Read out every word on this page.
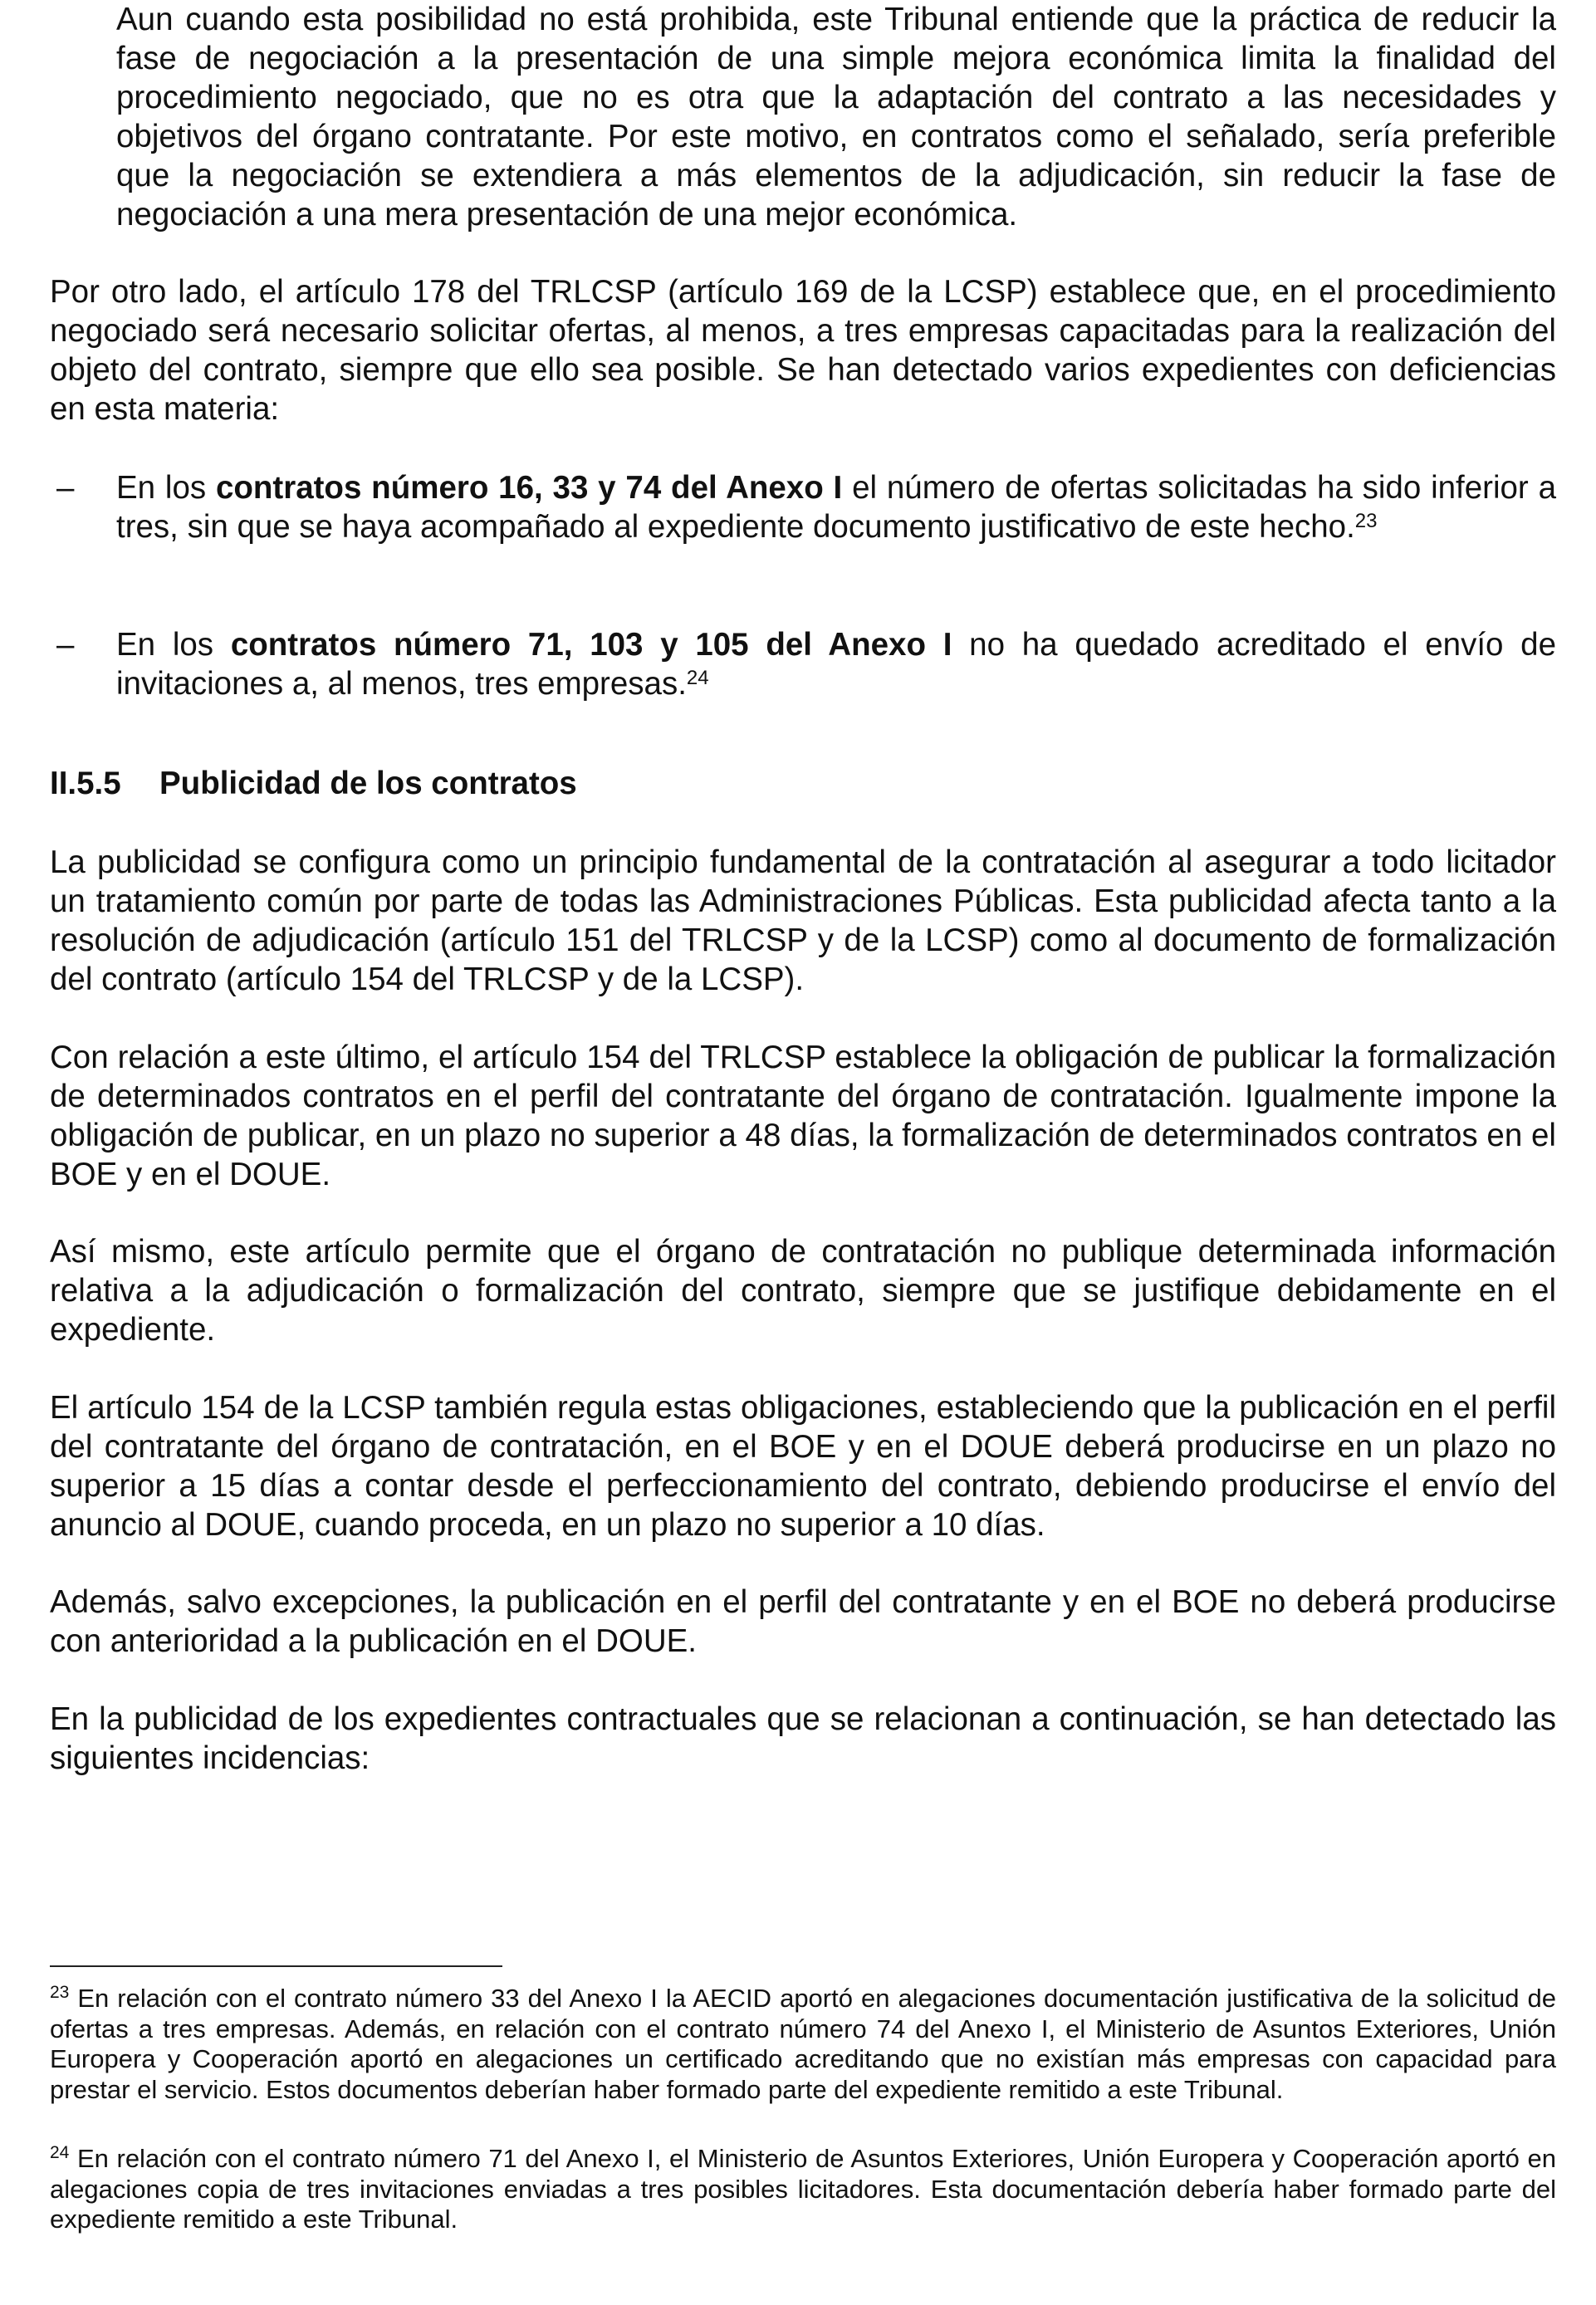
Aun cuando esta posibilidad no está prohibida, este Tribunal entiende que la práctica de reducir la fase de negociación a la presentación de una simple mejora económica limita la finalidad del procedimiento negociado, que no es otra que la adaptación del contrato a las necesidades y objetivos del órgano contratante. Por este motivo, en contratos como el señalado, sería preferible que la negociación se extendiera a más elementos de la adjudicación, sin reducir la fase de negociación a una mera presentación de una mejor económica.

Por otro lado, el artículo 178 del TRLCSP (artículo 169 de la LCSP) establece que, en el procedimiento negociado será necesario solicitar ofertas, al menos, a tres empresas capacitadas para la realización del objeto del contrato, siempre que ello sea posible. Se han detectado varios expedientes con deficiencias en esta materia:

– En los contratos número 16, 33 y 74 del Anexo I el número de ofertas solicitadas ha sido inferior a tres, sin que se haya acompañado al expediente documento justificativo de este hecho.$^{23}$

– En los contratos número 71, 103 y 105 del Anexo I no ha quedado acreditado el envío de invitaciones a, al menos, tres empresas.$^{24}$

II.5.5 Publicidad de los contratos

La publicidad se configura como un principio fundamental de la contratación al asegurar a todo licitador un tratamiento común por parte de todas las Administraciones Públicas. Esta publicidad afecta tanto a la resolución de adjudicación (artículo 151 del TRLCSP y de la LCSP) como al documento de formalización del contrato (artículo 154 del TRLCSP y de la LCSP).

Con relación a este último, el artículo 154 del TRLCSP establece la obligación de publicar la formalización de determinados contratos en el perfil del contratante del órgano de contratación. Igualmente impone la obligación de publicar, en un plazo no superior a 48 días, la formalización de determinados contratos en el BOE y en el DOUE.

Así mismo, este artículo permite que el órgano de contratación no publique determinada información relativa a la adjudicación o formalización del contrato, siempre que se justifique debidamente en el expediente.

El artículo 154 de la LCSP también regula estas obligaciones, estableciendo que la publicación en el perfil del contratante del órgano de contratación, en el BOE y en el DOUE deberá producirse en un plazo no superior a 15 días a contar desde el perfeccionamiento del contrato, debiendo producirse el envío del anuncio al DOUE, cuando proceda, en un plazo no superior a 10 días.

Además, salvo excepciones, la publicación en el perfil del contratante y en el BOE no deberá producirse con anterioridad a la publicación en el DOUE.

En la publicidad de los expedientes contractuales que se relacionan a continuación, se han detectado las siguientes incidencias:

$^{23}$ En relación con el contrato número 33 del Anexo I la AECID aportó en alegaciones documentación justificativa de la solicitud de ofertas a tres empresas. Además, en relación con el contrato número 74 del Anexo I, el Ministerio de Asuntos Exteriores, Unión Europera y Cooperación aportó en alegaciones un certificado acreditando que no existían más empresas con capacidad para prestar el servicio. Estos documentos deberían haber formado parte del expediente remitido a este Tribunal.

$^{24}$ En relación con el contrato número 71 del Anexo I, el Ministerio de Asuntos Exteriores, Unión Europera y Cooperación aportó en alegaciones copia de tres invitaciones enviadas a tres posibles licitadores. Esta documentación debería haber formado parte del expediente remitido a este Tribunal.
